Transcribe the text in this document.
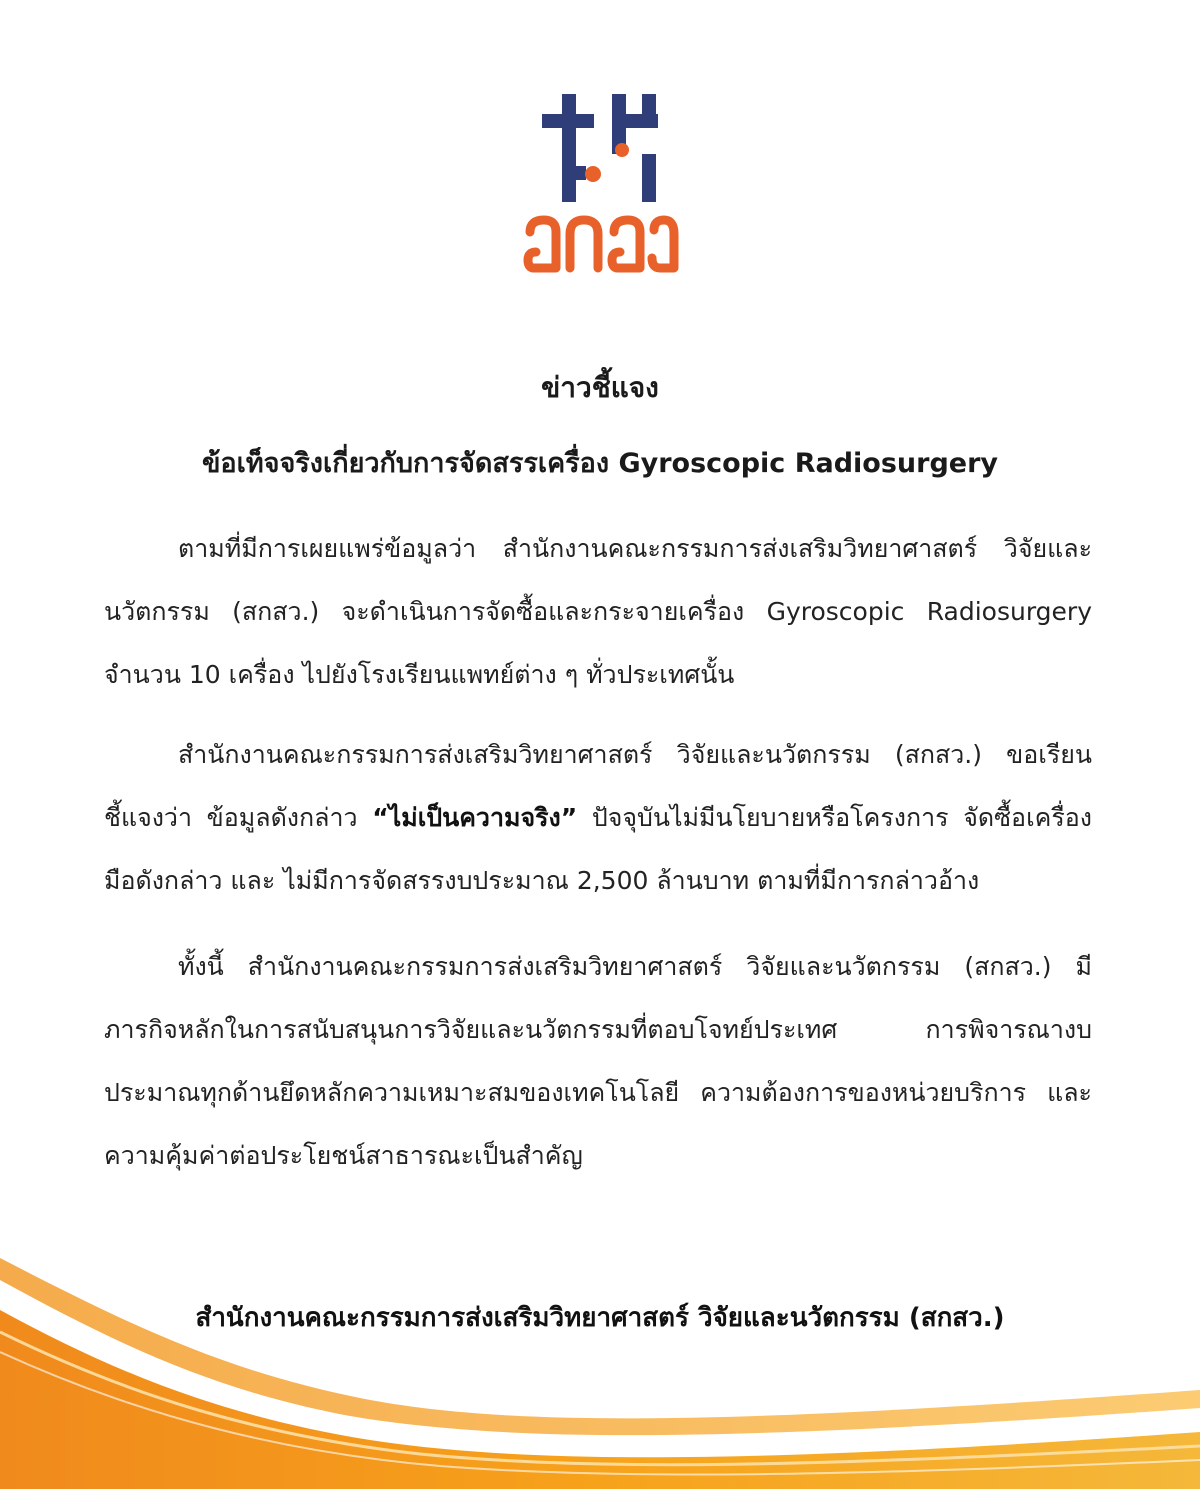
ข่าวชี้แจง
ข้อเท็จจริงเกี่ยวกับการจัดสรรเครื่อง Gyroscopic Radiosurgery
ตามที่มีการเผยแพร่ข้อมูลว่า สำนักงานคณะกรรมการส่งเสริมวิทยาศาสตร์ วิจัยและนวัตกรรม (สกสว.) จะดำเนินการจัดซื้อและกระจายเครื่อง Gyroscopic Radiosurgery จำนวน 10 เครื่อง ไปยังโรงเรียนแพทย์ต่าง ๆ ทั่วประเทศนั้น
สำนักงานคณะกรรมการส่งเสริมวิทยาศาสตร์ วิจัยและนวัตกรรม (สกสว.) ขอเรียนชี้แจงว่า ข้อมูลดังกล่าว “ไม่เป็นความจริง” ปัจจุบันไม่มีนโยบายหรือโครงการ จัดซื้อเครื่องมือดังกล่าว และ ไม่มีการจัดสรรงบประมาณ 2,500 ล้านบาท ตามที่มีการกล่าวอ้าง
ทั้งนี้ สำนักงานคณะกรรมการส่งเสริมวิทยาศาสตร์ วิจัยและนวัตกรรม (สกสว.) มีภารกิจหลักในการสนับสนุนการวิจัยและนวัตกรรมที่ตอบโจทย์ประเทศ การพิจารณางบประมาณทุกด้านยึดหลักความเหมาะสมของเทคโนโลยี ความต้องการของหน่วยบริการ และความคุ้มค่าต่อประโยชน์สาธารณะเป็นสำคัญ
สำนักงานคณะกรรมการส่งเสริมวิทยาศาสตร์ วิจัยและนวัตกรรม (สกสว.)
